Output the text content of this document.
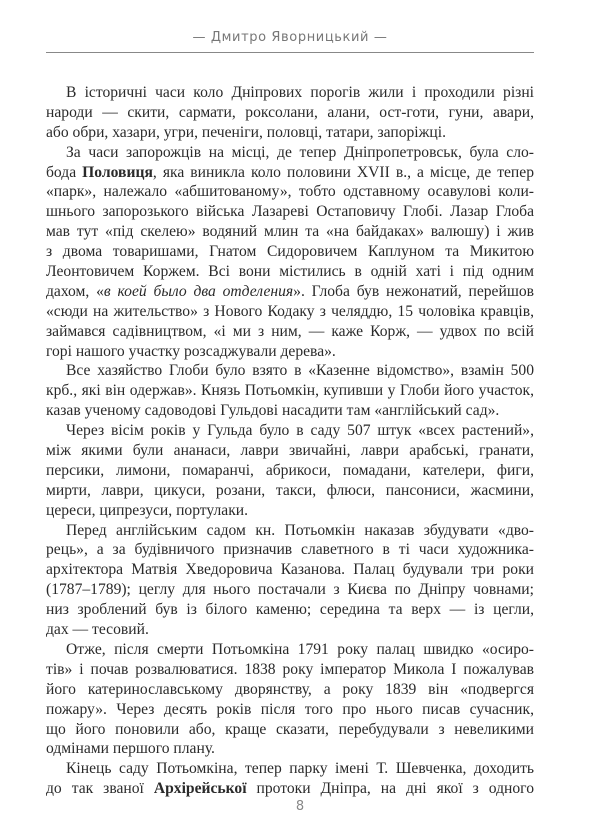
— Дмитро Яворницький —
В історичні часи коло Дніпрових порогів жили і проходили різні
народи — скити, сармати, роксолани, алани, ост-готи, гуни, авари,
або обри, хазари, угри, печеніги, половці, татари, запоріжці.
За часи запорожців на місці, де тепер Дніпропетровськ, була сло-
бода Половиця, яка виникла коло половини XVII в., а місце, де тепер
«парк», належало «абшитованому», тобто одставному осавулові коли-
шнього запорозького війська Лазареві Остаповичу Глобі. Лазар Глоба
мав тут «під скелею» водяний млин та «на байдаках» валюшу) і жив
з двома товаришами, Гнатом Сидоровичем Каплуном та Микитою
Леонтовичем Коржем. Всі вони містились в одній хаті і під одним
дахом, «в коей было два отделения». Глоба був нежонатий, перейшов
«сюди на жительство» з Нового Кодаку з челяддю, 15 чоловіка кравців,
займався садівництвом, «і ми з ним, — каже Корж, — удвох по всій
горі нашого участку розсаджували дерева».
Все хазяйство Глоби було взято в «Казенне відомство», взамін 500
крб., які він одержав». Князь Потьомкін, купивши у Глоби його участок,
казав ученому садоводові Гульдові насадити там «англійський сад».
Через вісім років у Гульда було в саду 507 штук «всех растений»,
між якими були ананаси, лаври звичайні, лаври арабські, гранати,
персики, лимони, помаранчі, абрикоси, помадани, кателери, фиги,
мирти, лаври, цикуси, розани, такси, флюси, пансониси, жасмини,
цереси, ципрезуси, портулаки.
Перед англійським садом кн. Потьомкін наказав збудувати «дво-
рець», а за будівничого призначив славетного в ті часи художника-
архітектора Матвія Хведоровича Казанова. Палац будували три роки
(1787–1789); цеглу для нього постачали з Києва по Дніпру човнами;
низ зроблений був із білого каменю; середина та верх — із цегли,
дах — тесовий.
Отже, після смерти Потьомкіна 1791 року палац швидко «осиро-
тів» і почав розвалюватися. 1838 року імператор Микола I пожалував
його катеринославському дворянству, а року 1839 він «подвергся
пожару». Через десять років після того про нього писав сучасник,
що його поновили або, краще сказати, перебудували з невеликими
одмінами першого плану.
Кінець саду Потьомкіна, тепер парку імені Т. Шевченка, доходить
до так званої Архірейської протоки Дніпра, на дні якої з одного
8
